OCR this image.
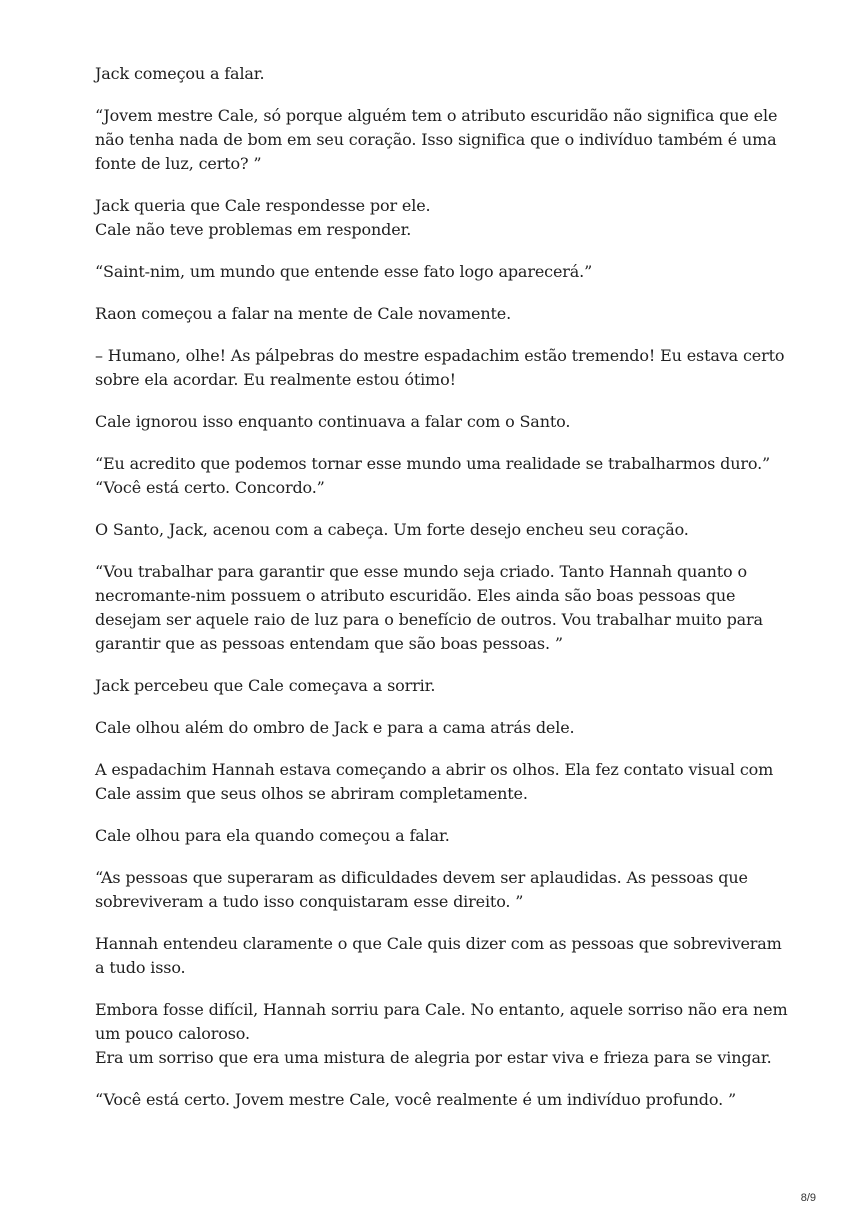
Jack começou a falar.

“Jovem mestre Cale, só porque alguém tem o atributo escuridão não significa que ele não tenha nada de bom em seu coração. Isso significa que o indivíduo também é uma fonte de luz, certo? ”

Jack queria que Cale respondesse por ele.
Cale não teve problemas em responder.

“Saint-nim, um mundo que entende esse fato logo aparecerá.”

Raon começou a falar na mente de Cale novamente.

– Humano, olhe! As pálpebras do mestre espadachim estão tremendo! Eu estava certo sobre ela acordar. Eu realmente estou ótimo!

Cale ignorou isso enquanto continuava a falar com o Santo.

“Eu acredito que podemos tornar esse mundo uma realidade se trabalharmos duro.”
“Você está certo. Concordo.”

O Santo, Jack, acenou com a cabeça. Um forte desejo encheu seu coração.

“Vou trabalhar para garantir que esse mundo seja criado. Tanto Hannah quanto o necromante-nim possuem o atributo escuridão. Eles ainda são boas pessoas que desejam ser aquele raio de luz para o benefício de outros. Vou trabalhar muito para garantir que as pessoas entendam que são boas pessoas. ”

Jack percebeu que Cale começava a sorrir.

Cale olhou além do ombro de Jack e para a cama atrás dele.

A espadachim Hannah estava começando a abrir os olhos. Ela fez contato visual com Cale assim que seus olhos se abriram completamente.

Cale olhou para ela quando começou a falar.

“As pessoas que superaram as dificuldades devem ser aplaudidas. As pessoas que sobreviveram a tudo isso conquistaram esse direito. ”

Hannah entendeu claramente o que Cale quis dizer com as pessoas que sobreviveram a tudo isso.

Embora fosse difícil, Hannah sorriu para Cale. No entanto, aquele sorriso não era nem um pouco caloroso.
Era um sorriso que era uma mistura de alegria por estar viva e frieza para se vingar.

“Você está certo. Jovem mestre Cale, você realmente é um indivíduo profundo. ”

8/9
